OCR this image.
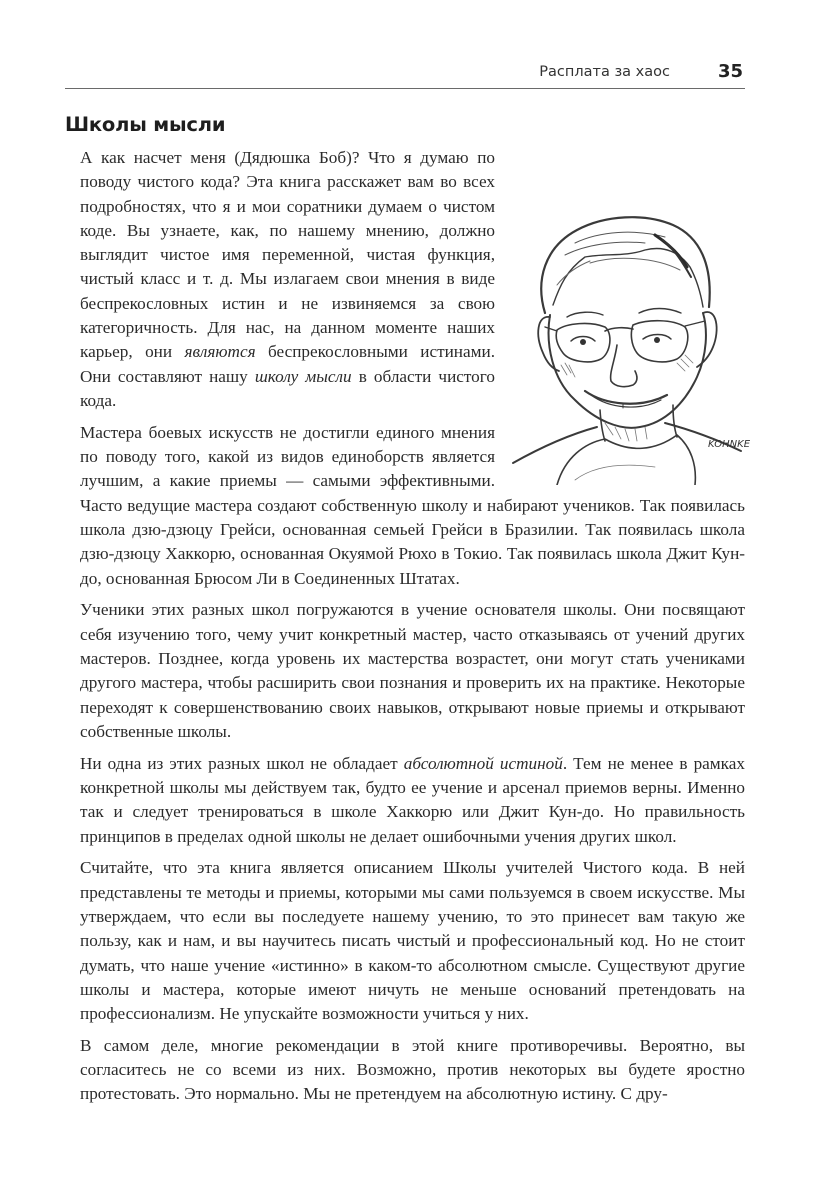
Расплата за хаос	35
Школы мысли
KOHNKE

А как насчет меня (Дядюшка Боб)? Что я думаю по поводу чистого кода? Эта книга расскажет вам во всех подробностях, что я и мои соратники думаем о чистом коде. Вы узнаете, как, по нашему мнению, должно выглядит чистое имя переменной, чистая функция, чистый класс и т. д. Мы излагаем свои мнения в виде беспрекословных истин и не извиняемся за свою категоричность. Для нас, на данном моменте наших карьер, они являются беспрекословными истинами. Они составляют нашу школу мысли в области чистого кода.

Мастера боевых искусств не достигли единого мнения по поводу того, какой из видов единоборств является лучшим, а какие приемы — самыми эффективными. Часто ведущие мастера создают собственную школу и набирают учеников. Так появилась школа дзю-дзюцу Грейси, основанная семьей Грейси в Бразилии. Так появилась школа дзю-дзюцу Хаккорю, основанная Окуямой Рюхо в Токио. Так появилась школа Джит Кун-до, основанная Брюсом Ли в Соединенных Штатах.

Ученики этих разных школ погружаются в учение основателя школы. Они посвящают себя изучению того, чему учит конкретный мастер, часто отказываясь от учений других мастеров. Позднее, когда уровень их мастерства возрастет, они могут стать учениками другого мастера, чтобы расширить свои познания и проверить их на практике. Некоторые переходят к совершенствованию своих навыков, открывают новые приемы и открывают собственные школы.

Ни одна из этих разных школ не обладает абсолютной истиной. Тем не менее в рамках конкретной школы мы действуем так, будто ее учение и арсенал приемов верны. Именно так и следует тренироваться в школе Хаккорю или Джит Кун-до. Но правильность принципов в пределах одной школы не делает ошибочными учения других школ.

Считайте, что эта книга является описанием Школы учителей Чистого кода. В ней представлены те методы и приемы, которыми мы сами пользуемся в своем искусстве. Мы утверждаем, что если вы последуете нашему учению, то это принесет вам такую же пользу, как и нам, и вы научитесь писать чистый и профессиональный код. Но не стоит думать, что наше учение «истинно» в каком-то абсолютном смысле. Существуют другие школы и мастера, которые имеют ничуть не меньше оснований претендовать на профессионализм. Не упускайте возможности учиться у них.

В самом деле, многие рекомендации в этой книге противоречивы. Вероятно, вы согласитесь не со всеми из них. Возможно, против некоторых вы будете яростно протестовать. Это нормально. Мы не претендуем на абсолютную истину. С дру-
